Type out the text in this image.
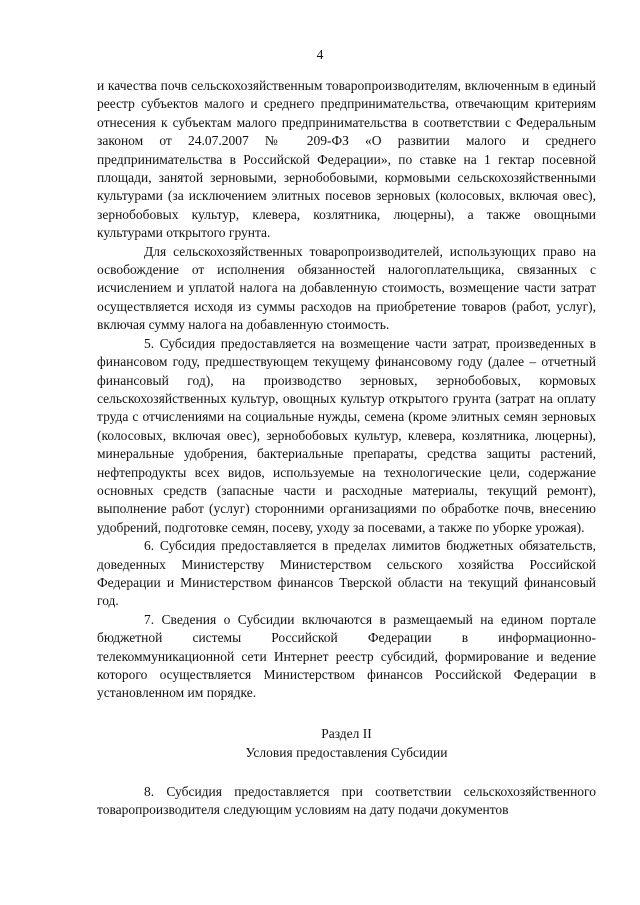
4

и качества почв сельскохозяйственным товаропроизводителям, включенным в единый реестр субъектов малого и среднего предпринимательства, отвечающим критериям отнесения к субъектам малого предпринимательства в соответствии с Федеральным законом от 24.07.2007 № 209-ФЗ «О развитии малого и среднего предпринимательства в Российской Федерации», по ставке на 1 гектар посевной площади, занятой зерновыми, зернобобовыми, кормовыми сельскохозяйственными культурами (за исключением элитных посевов зерновых (колосовых, включая овес), зернобобовых культур, клевера, козлятника, люцерны), а также овощными культурами открытого грунта.

Для сельскохозяйственных товаропроизводителей, использующих право на освобождение от исполнения обязанностей налогоплательщика, связанных с исчислением и уплатой налога на добавленную стоимость, возмещение части затрат осуществляется исходя из суммы расходов на приобретение товаров (работ, услуг), включая сумму налога на добавленную стоимость.

5. Субсидия предоставляется на возмещение части затрат, произведенных в финансовом году, предшествующем текущему финансовому году (далее – отчетный финансовый год), на производство зерновых, зернобобовых, кормовых сельскохозяйственных культур, овощных культур открытого грунта (затрат на оплату труда с отчислениями на социальные нужды, семена (кроме элитных семян зерновых (колосовых, включая овес), зернобобовых культур, клевера, козлятника, люцерны), минеральные удобрения, бактериальные препараты, средства защиты растений, нефтепродукты всех видов, используемые на технологические цели, содержание основных средств (запасные части и расходные материалы, текущий ремонт), выполнение работ (услуг) сторонними организациями по обработке почв, внесению удобрений, подготовке семян, посеву, уходу за посевами, а также по уборке урожая).

6. Субсидия предоставляется в пределах лимитов бюджетных обязательств, доведенных Министерству Министерством сельского хозяйства Российской Федерации и Министерством финансов Тверской области на текущий финансовый год.

7. Сведения о Субсидии включаются в размещаемый на едином портале бюджетной системы Российской Федерации в информационно-телекоммуникационной сети Интернет реестр субсидий, формирование и ведение которого осуществляется Министерством финансов Российской Федерации в установленном им порядке.

Раздел II
Условия предоставления Субсидии

8. Субсидия предоставляется при соответствии сельскохозяйственного товаропроизводителя следующим условиям на дату подачи документов
